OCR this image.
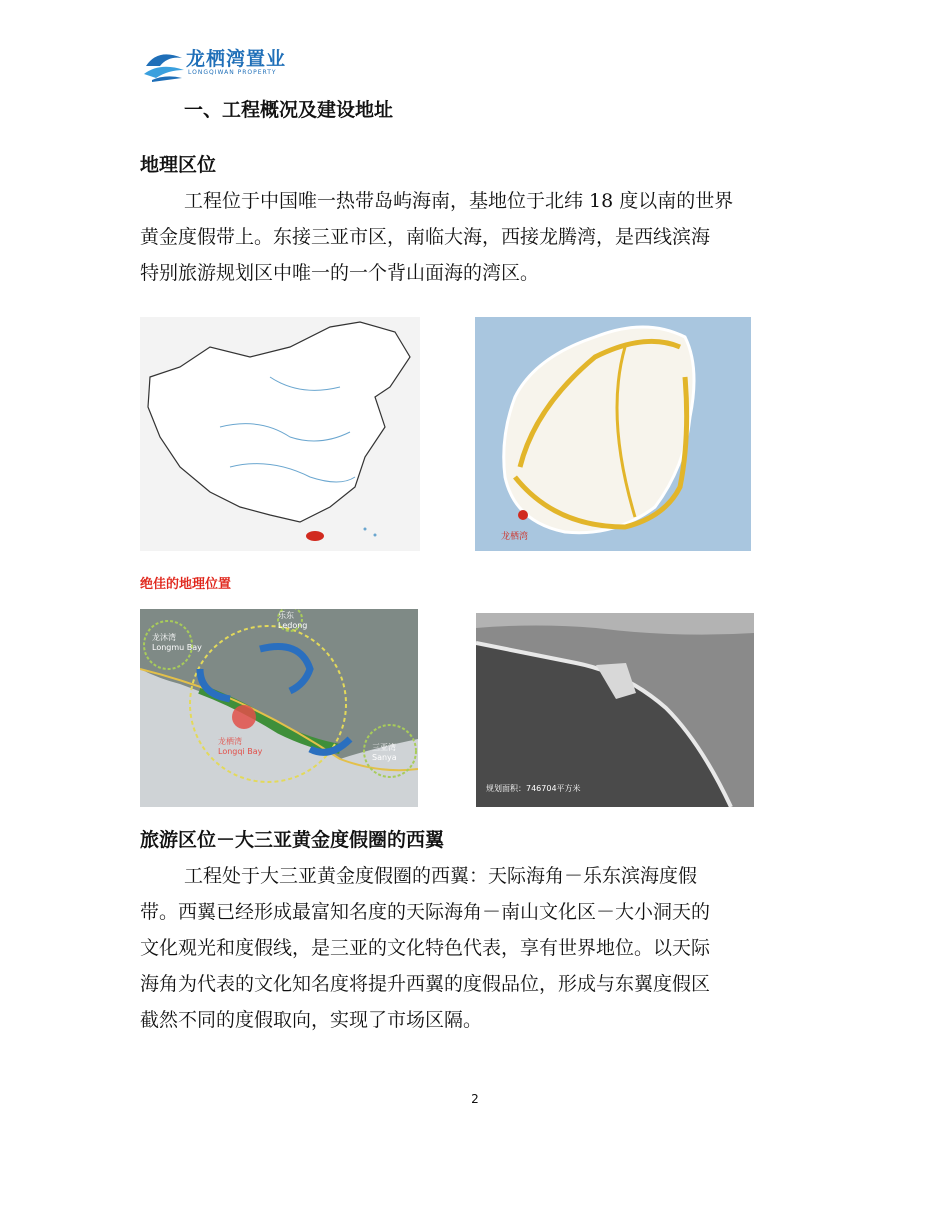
龙栖湾置业
LONGQIWAN PROPERTY
一、工程概况及建设地址
地理区位
工程位于中国唯一热带岛屿海南，基地位于北纬 18 度以南的世界
黄金度假带上。东接三亚市区，南临大海，西接龙腾湾，是西线滨海
特别旅游规划区中唯一的一个背山面海的湾区。
龙栖湾
绝佳的地理位置
龙沐湾
Longmu Bay
乐东
Ledong
龙栖湾
Longqi Bay	三亚湾
Sanya
规划面积：746704平方米
旅游区位－大三亚黄金度假圈的西翼
工程处于大三亚黄金度假圈的西翼：天际海角－乐东滨海度假
带。西翼已经形成最富知名度的天际海角－南山文化区－大小洞天的
文化观光和度假线，是三亚的文化特色代表，享有世界地位。以天际
海角为代表的文化知名度将提升西翼的度假品位，形成与东翼度假区
截然不同的度假取向，实现了市场区隔。
2
